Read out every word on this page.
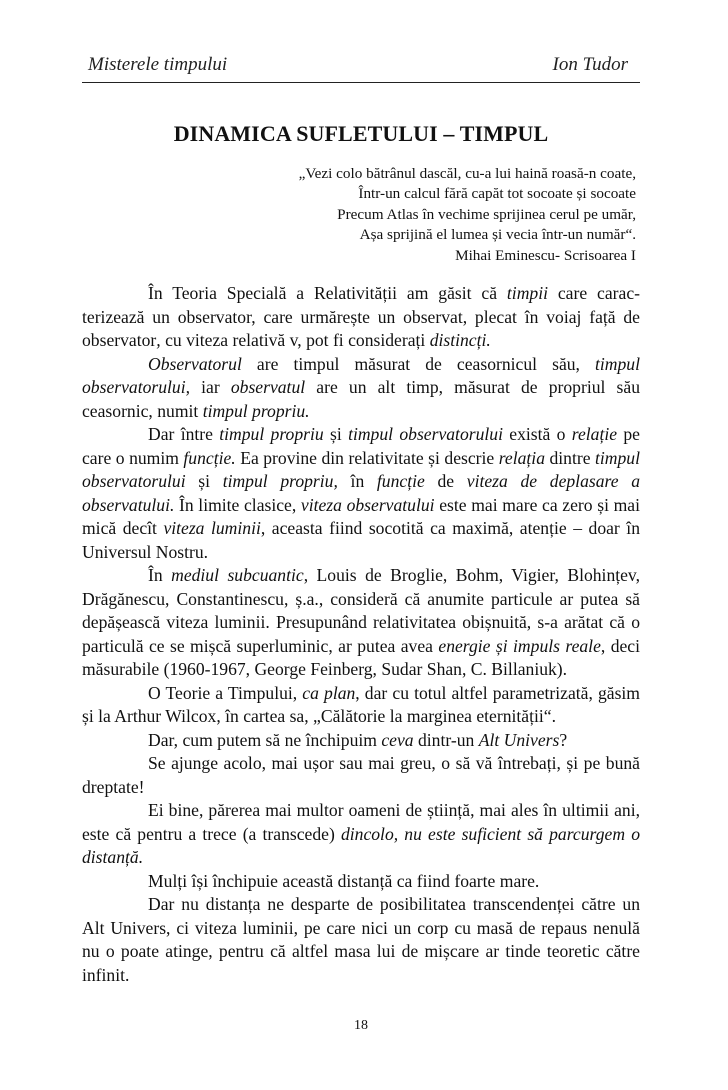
Misterele timpului	Ion Tudor
DINAMICA SUFLETULUI – TIMPUL
„Vezi colo bătrânul dascăl, cu-a lui haină roasă-n coate,
Într-un calcul fără capăt tot socoate și socoate
Precum Atlas în vechime sprijinea cerul pe umăr,
Așa sprijină el lumea și vecia într-un număr“.
Mihai Eminescu- Scrisoarea I

În Teoria Specială a Relativității am găsit că timpii care carac-terizează un observator, care urmărește un observat, plecat în voiaj față de observator, cu viteza relativă v, pot fi considerați distincți.

Observatorul are timpul măsurat de ceasornicul său, timpul observatorului, iar observatul are un alt timp, măsurat de propriul său ceasornic, numit timpul propriu.

Dar între timpul propriu și timpul observatorului există o relație pe care o numim funcție. Ea provine din relativitate și descrie relația dintre timpul observatorului și timpul propriu, în funcție de viteza de deplasare a observatului. În limite clasice, viteza observatului este mai mare ca zero și mai mică decît viteza luminii, aceasta fiind socotită ca maximă, atenție – doar în Universul Nostru.

În mediul subcuantic, Louis de Broglie, Bohm, Vigier, Blohințev, Drăgănescu, Constantinescu, ș.a., consideră că anumite particule ar putea să depășească viteza luminii. Presupunând relativitatea obișnuită, s-a arătat că o particulă ce se mișcă superluminic, ar putea avea energie și impuls reale, deci măsurabile (1960-1967, George Feinberg, Sudar Shan, C. Billaniuk).

O Teorie a Timpului, ca plan, dar cu totul altfel parametrizată, găsim și la Arthur Wilcox, în cartea sa, „Călătorie la marginea eternității“.

Dar, cum putem să ne închipuim ceva dintr-un Alt Univers?

Se ajunge acolo, mai ușor sau mai greu, o să vă întrebați, și pe bună dreptate!

Ei bine, părerea mai multor oameni de știință, mai ales în ultimii ani, este că pentru a trece (a transcede) dincolo, nu este suficient să parcurgem o distanță.

Mulți își închipuie această distanță ca fiind foarte mare.

Dar nu distanța ne desparte de posibilitatea transcendenței către un Alt Univers, ci viteza luminii, pe care nici un corp cu masă de repaus nenulă nu o poate atinge, pentru că altfel masa lui de mișcare ar tinde teoretic către infinit.

18
